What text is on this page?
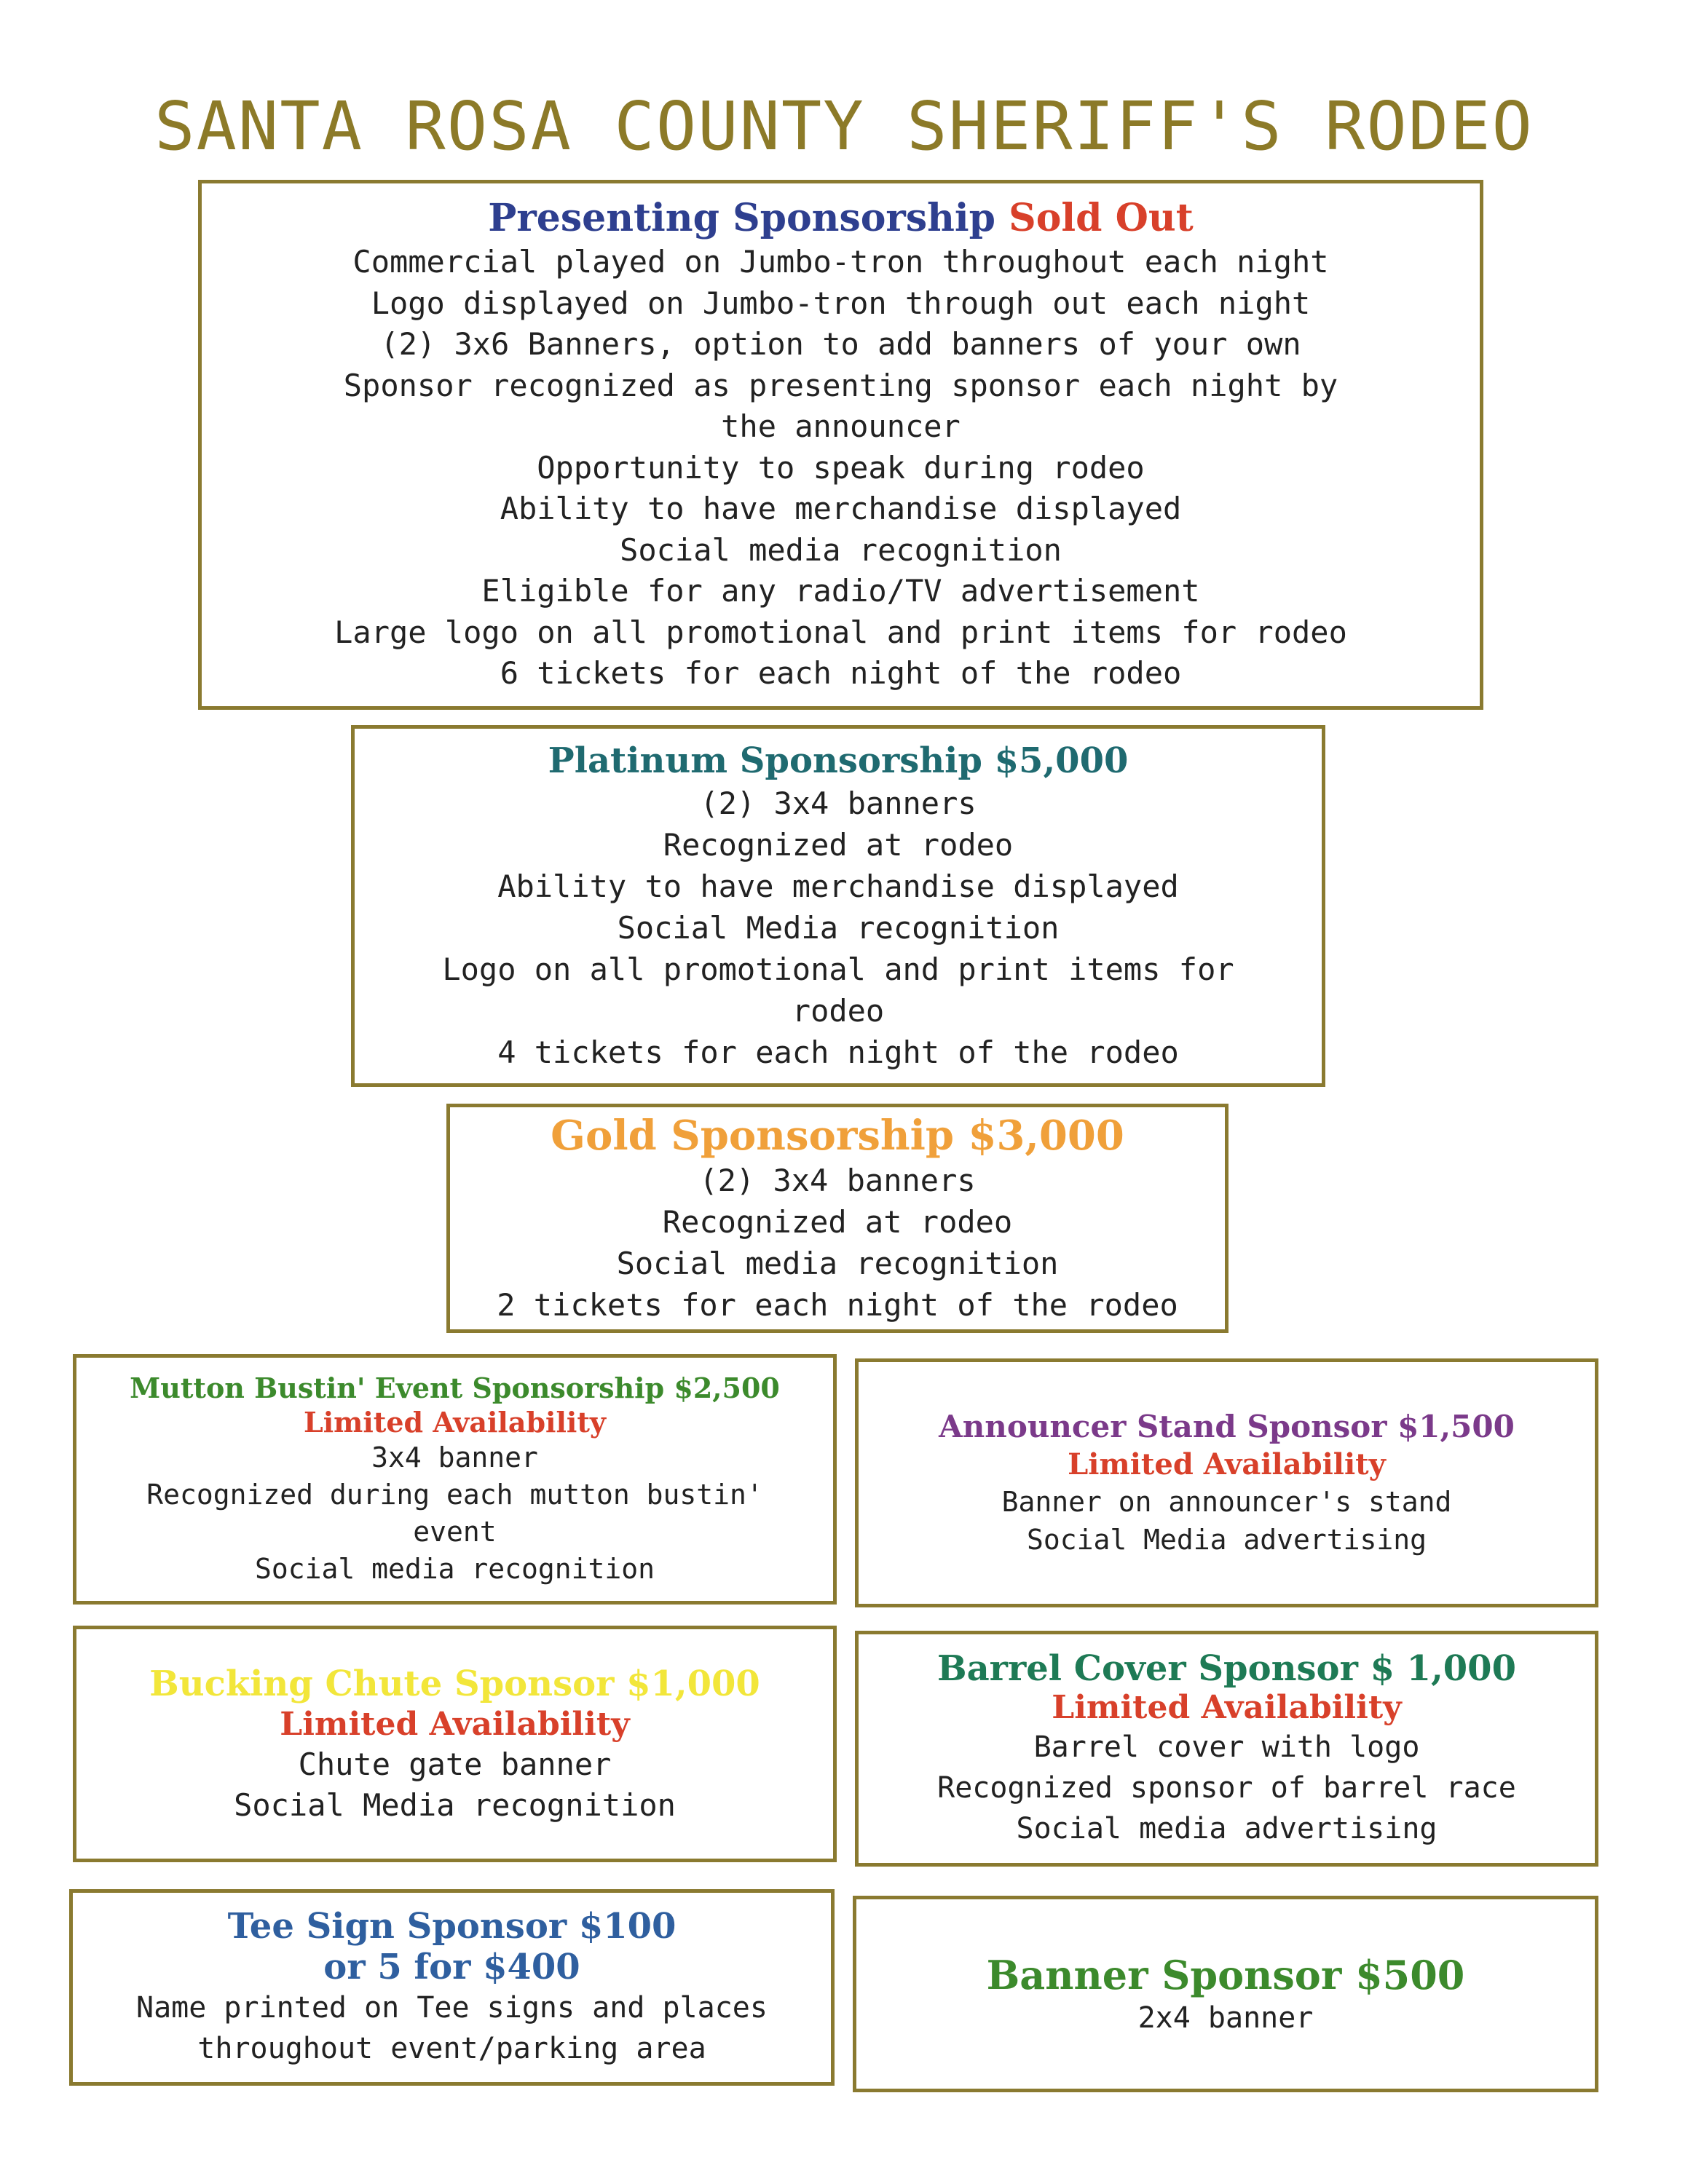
SANTA ROSA COUNTY SHERIFF'S RODEO

Presenting Sponsorship Sold Out

Commercial played on Jumbo-tron throughout each night

Logo displayed on Jumbo-tron through out each night

(2) 3x6 Banners, option to add banners of your own

Sponsor recognized as presenting sponsor each night by the announcer

Opportunity to speak during rodeo

Ability to have merchandise displayed

Social media recognition

Eligible for any radio/TV advertisement

Large logo on all promotional and print items for rodeo

6 tickets for each night of the rodeo

Platinum Sponsorship $5,000

(2) 3x4 banners

Recognized at rodeo

Ability to have merchandise displayed

Social Media recognition

Logo on all promotional and print items for rodeo

4 tickets for each night of the rodeo

Gold Sponsorship $3,000

(2) 3x4 banners

Recognized at rodeo

Social media recognition

2 tickets for each night of the rodeo

Mutton Bustin' Event Sponsorship $2,500

Limited Availability

3x4 banner

Recognized during each mutton bustin' event

Social media recognition

Announcer Stand Sponsor $1,500

Limited Availability

Banner on announcer's stand

Social Media advertising

Bucking Chute Sponsor $1,000

Limited Availability

Chute gate banner

Social Media recognition

Barrel Cover Sponsor $ 1,000

Limited Availability

Barrel cover with logo

Recognized sponsor of barrel race

Social media advertising

Tee Sign Sponsor $100

or 5 for $400

Name printed on Tee signs and places throughout event/parking area

Banner Sponsor $500

2x4 banner
